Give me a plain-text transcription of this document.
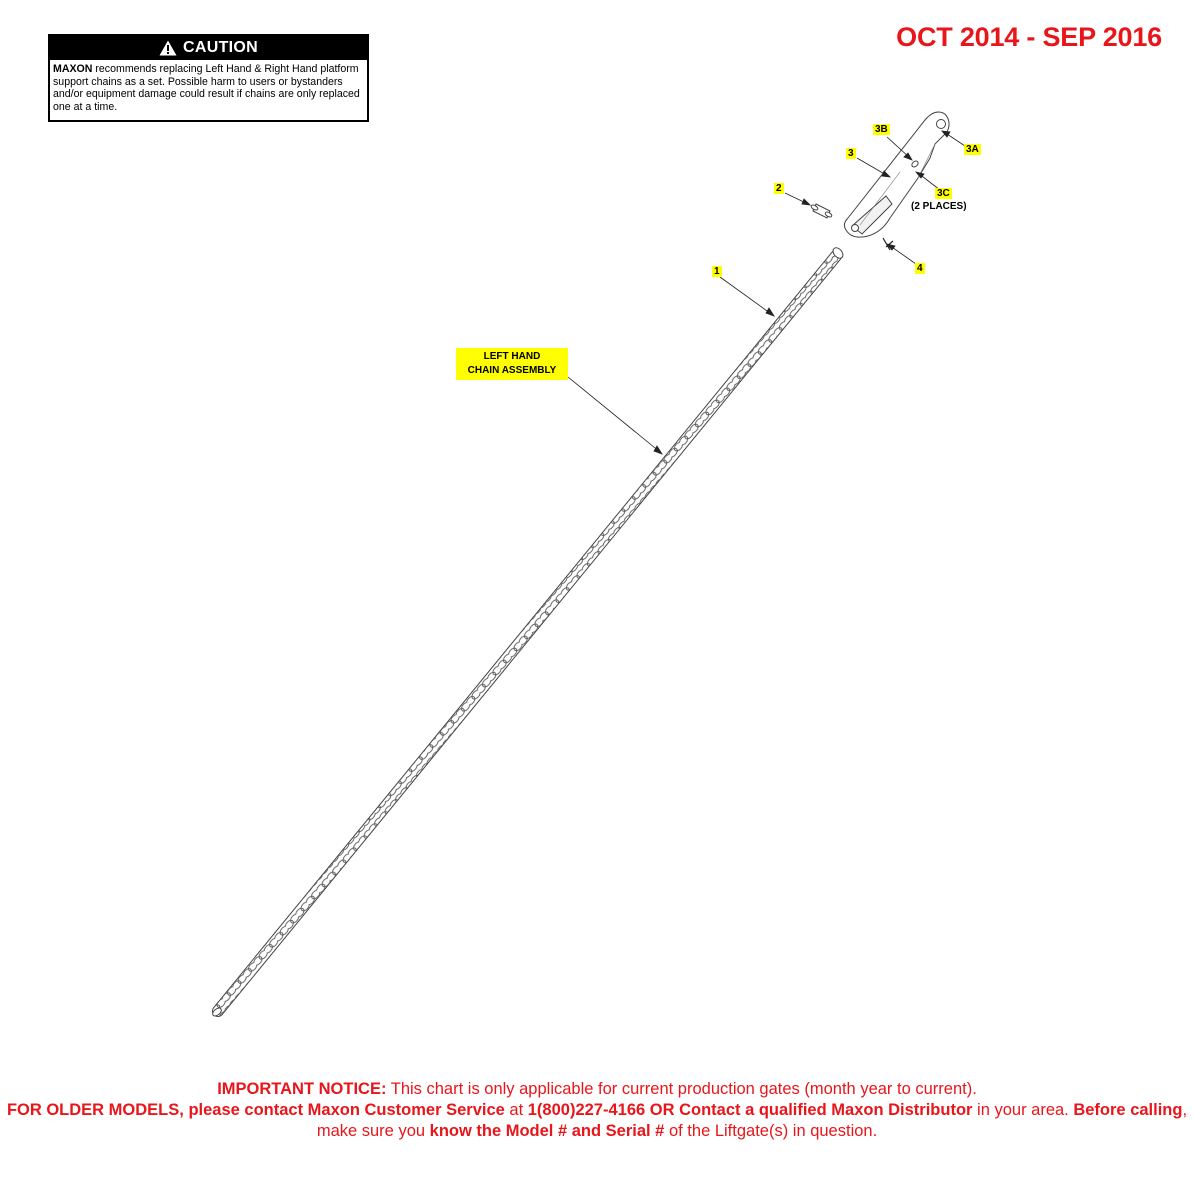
CAUTION
MAXON recommends replacing Left Hand & Right Hand platform support chains as a set. Possible harm to users or bystanders and/or equipment damage could result if chains are only replaced one at a time.
OCT 2014 - SEP 2016
1
2
3
3B
3A
3C
(2 PLACES)
4
LEFT HAND
CHAIN ASSEMBLY
IMPORTANT NOTICE: This chart is only applicable for current production gates (month year to current).
FOR OLDER MODELS, please contact Maxon Customer Service at 1(800)227-4166 OR Contact a qualified Maxon Distributor in your area. Before calling, make sure you know the Model # and Serial # of the Liftgate(s) in question.
